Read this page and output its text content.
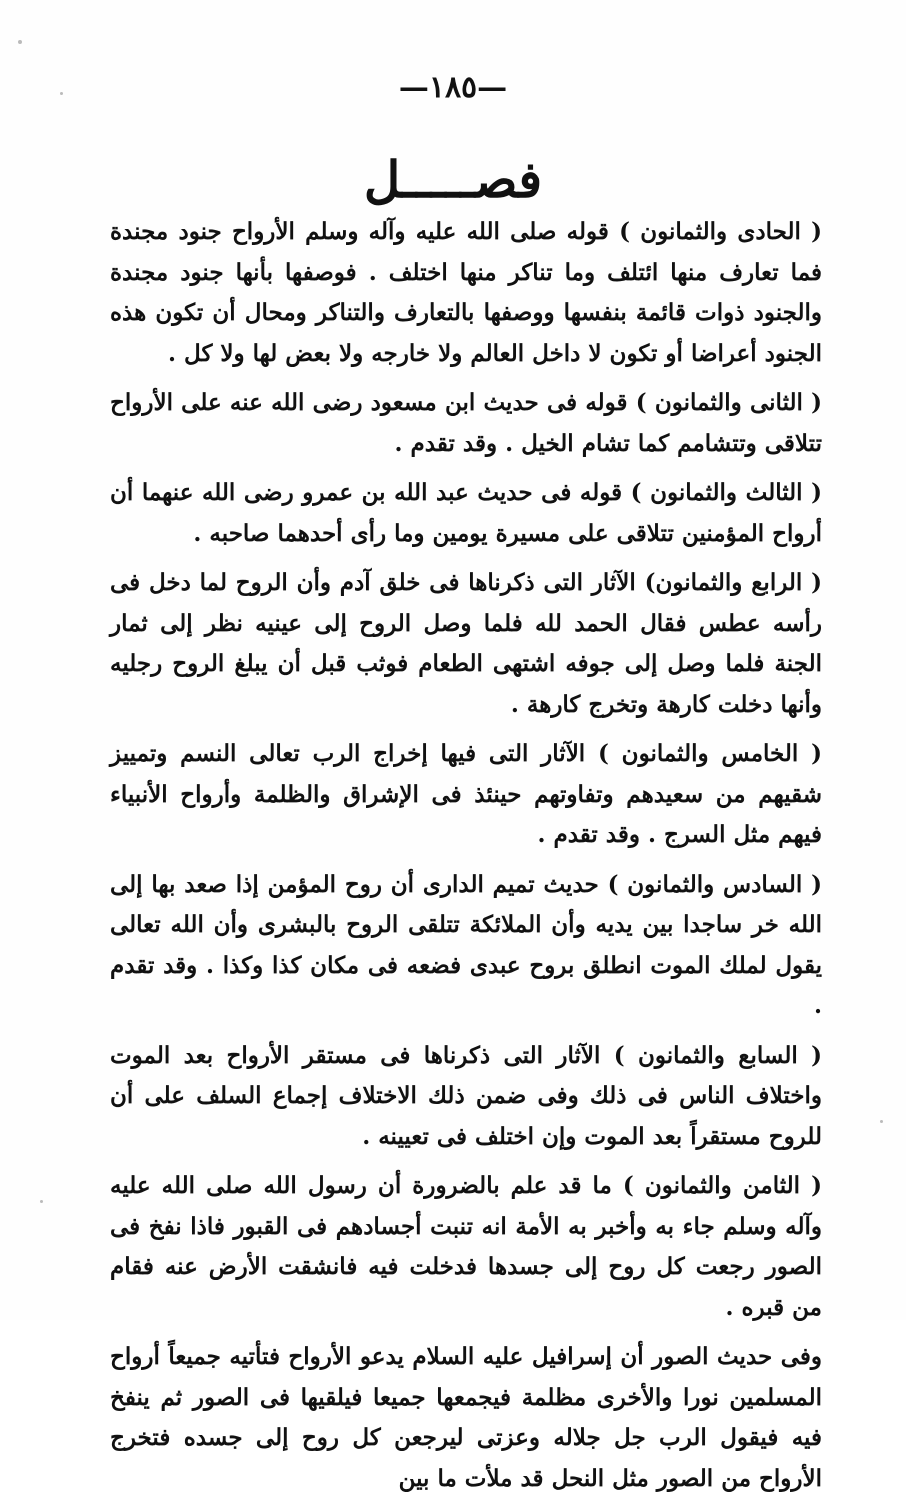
—١٨٥—
فصـــــل

( الحادى والثمانون ) قوله صلى الله عليه وآله وسلم الأرواح جنود مجندة فما تعارف منها ائتلف وما تناكر منها اختلف . فوصفها بأنها جنود مجندة والجنود ذوات قائمة بنفسها ووصفها بالتعارف والتناكر ومحال أن تكون هذه الجنود أعراضا أو تكون لا داخل العالم ولا خارجه ولا بعض لها ولا كل .

( الثانى والثمانون ) قوله فى حديث ابن مسعود رضى الله عنه على الأرواح تتلاقى وتتشامم كما تشام الخيل . وقد تقدم .

( الثالث والثمانون ) قوله فى حديث عبد الله بن عمرو رضى الله عنهما أن أرواح المؤمنين تتلاقى على مسيرة يومين وما رأى أحدهما صاحبه .

( الرابع والثمانون) الآثار التى ذكرناها فى خلق آدم وأن الروح لما دخل فى رأسه عطس فقال الحمد لله فلما وصل الروح إلى عينيه نظر إلى ثمار الجنة فلما وصل إلى جوفه اشتهى الطعام فوثب قبل أن يبلغ الروح رجليه وأنها دخلت كارهة وتخرج كارهة .

( الخامس والثمانون ) الآثار التى فيها إخراج الرب تعالى النسم وتمييز شقيهم من سعيدهم وتفاوتهم حينئذ فى الإشراق والظلمة وأرواح الأنبياء فيهم مثل السرج . وقد تقدم .

( السادس والثمانون ) حديث تميم الدارى أن روح المؤمن إذا صعد بها إلى الله خر ساجدا بين يديه وأن الملائكة تتلقى الروح بالبشرى وأن الله تعالى يقول لملك الموت انطلق بروح عبدى فضعه فى مكان كذا وكذا . وقد تقدم .

( السابع والثمانون ) الآثار التى ذكرناها فى مستقر الأرواح بعد الموت واختلاف الناس فى ذلك وفى ضمن ذلك الاختلاف إجماع السلف على أن للروح مستقراً بعد الموت وإن اختلف فى تعيينه .

( الثامن والثمانون ) ما قد علم بالضرورة أن رسول الله صلى الله عليه وآله وسلم جاء به وأخبر به الأمة انه تنبت أجسادهم فى القبور فاذا نفخ فى الصور رجعت كل روح إلى جسدها فدخلت فيه فانشقت الأرض عنه فقام من قبره .

وفى حديث الصور أن إسرافيل عليه السلام يدعو الأرواح فتأتيه جميعاً أرواح المسلمين نورا والأخرى مظلمة فيجمعها جميعا فيلقيها فى الصور ثم ينفخ فيه فيقول الرب جل جلاله وعزتى ليرجعن كل روح إلى جسده فتخرج الأرواح من الصور مثل النحل قد ملأت ما بين
